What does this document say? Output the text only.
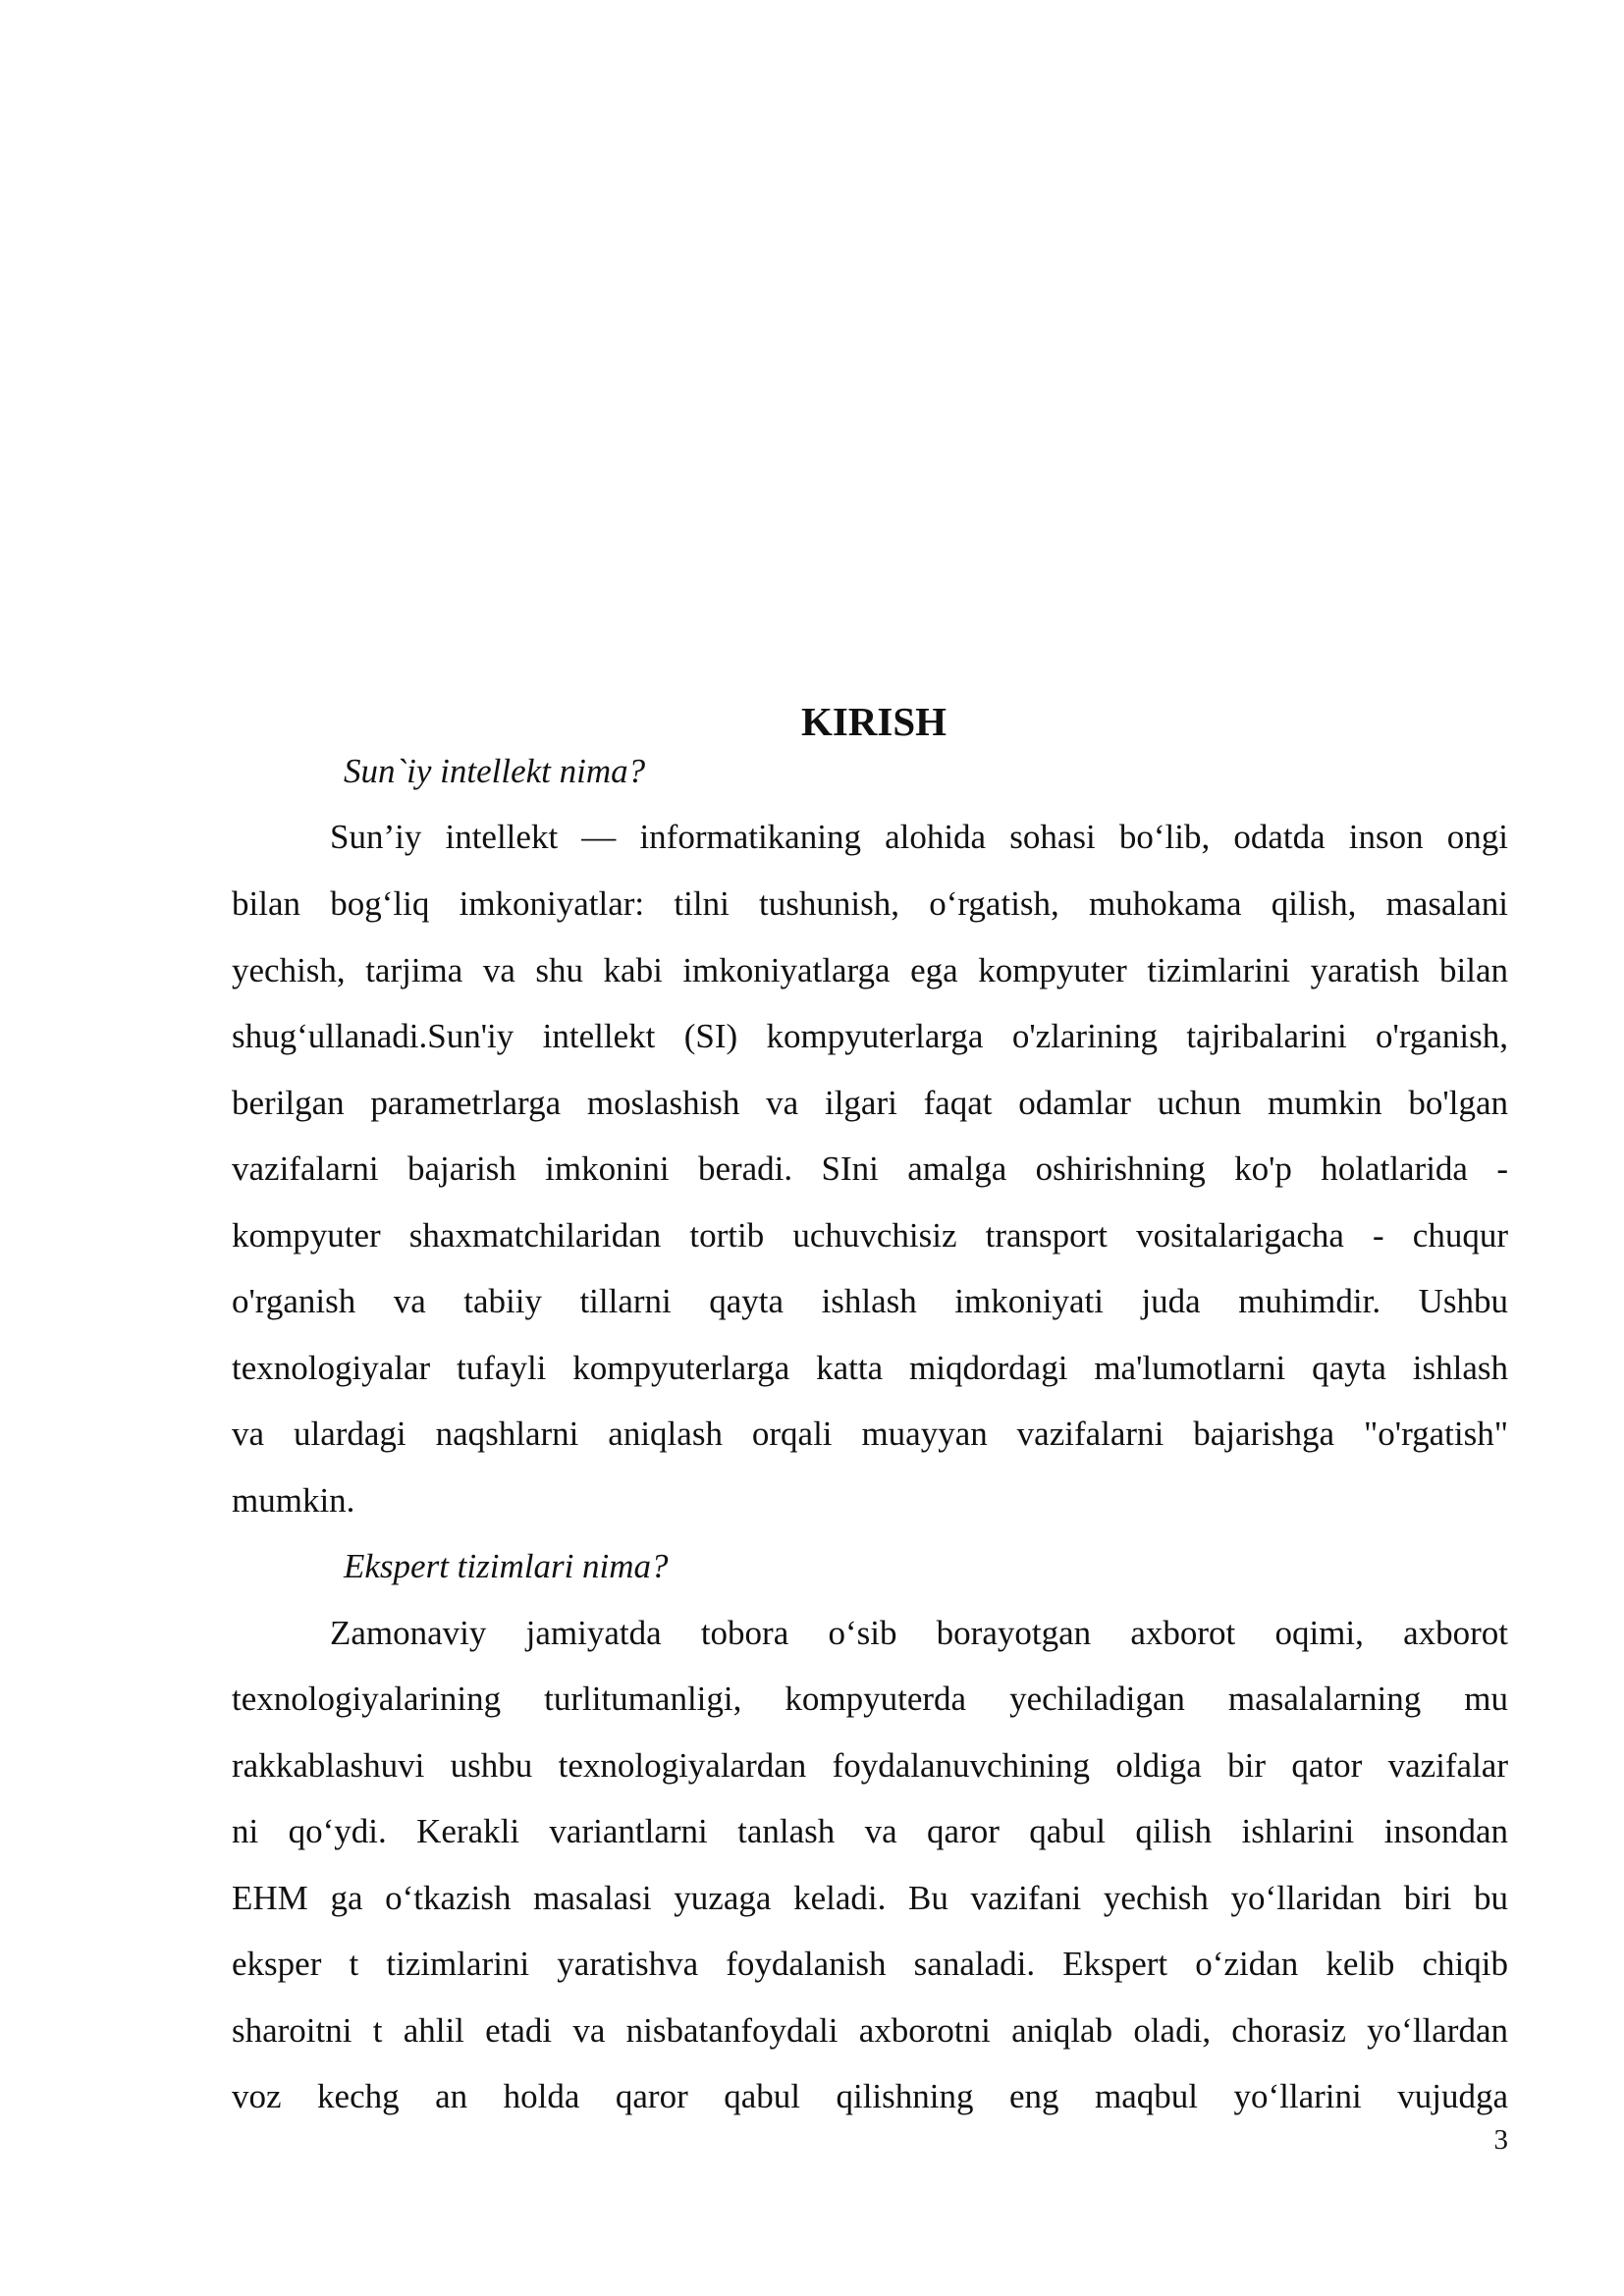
KIRISH
Sun`iy intellekt nima?
Sun’iy intellekt — informatikaning alohida sohasi bo‘lib, odatda inson ongi
bilan bog‘liq imkoniyatlar: tilni tushunish, o‘rgatish, muhokama qilish, masalani
yechish, tarjima va shu kabi imkoniyatlarga ega kompyuter tizimlarini yaratish bilan
shug‘ullanadi.Sun'iy intellekt (SI) kompyuterlarga o'zlarining tajribalarini o'rganish,
berilgan parametrlarga moslashish va ilgari faqat odamlar uchun mumkin bo'lgan
vazifalarni bajarish imkonini beradi. SIni amalga oshirishning ko'p holatlarida -
kompyuter shaxmatchilaridan tortib uchuvchisiz transport vositalarigacha - chuqur
o'rganish va tabiiy tillarni qayta ishlash imkoniyati juda muhimdir. Ushbu
texnologiyalar tufayli kompyuterlarga katta miqdordagi ma'lumotlarni qayta ishlash
va ulardagi naqshlarni aniqlash orqali muayyan vazifalarni bajarishga "o'rgatish"
mumkin.
Ekspert tizimlari nima?
Zamonaviy jamiyatda tobora o‘sib borayotgan axborot oqimi, axborot
texnologiyalarining turlitumanligi, kompyuterda yechiladigan masalalarning mu
rakkablashuvi ushbu texnologiyalardan foydalanuvchining oldiga bir qator vazifalar
ni qo‘ydi. Kerakli variantlarni tanlash va qaror qabul qilish ishlarini insondan
EHM ga o‘tkazish masalasi yuzaga keladi. Bu vazifani yechish yo‘llaridan biri bu
eksper t tizimlarini yaratishva foydalanish sanaladi. Ekspert o‘zidan kelib chiqib
sharoitni t ahlil etadi va nisbatanfoydali axborotni aniqlab oladi, chorasiz yo‘llardan
voz kechg an holda qaror qabul qilishning eng maqbul yo‘llarini vujudga
3
